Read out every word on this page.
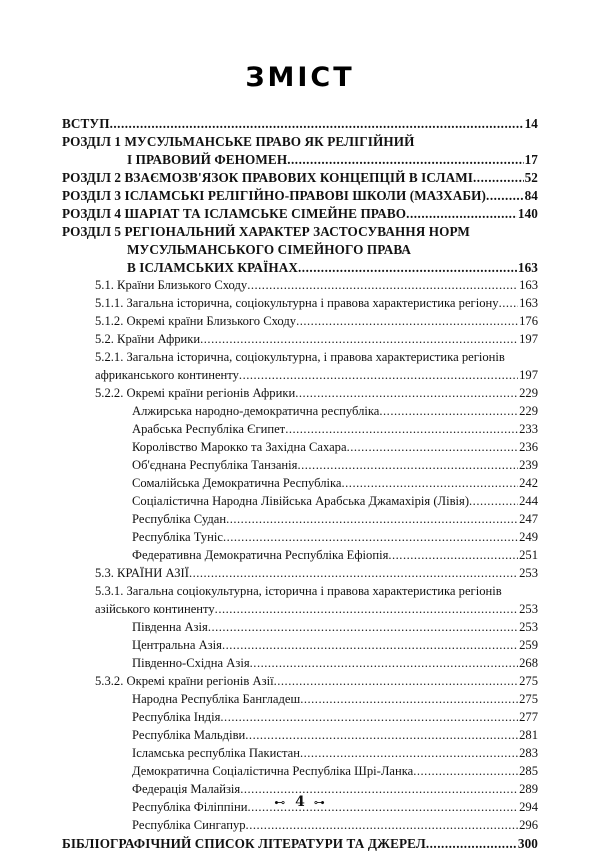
ЗМІСТ
ВСТУП .....	14
РОЗДІЛ 1 МУСУЛЬМАНСЬКЕ ПРАВО ЯК РЕЛІГІЙНИЙ
І ПРАВОВИЙ ФЕНОМЕН .....	17
РОЗДІЛ 2 ВЗАЄМОЗВ'ЯЗОК ПРАВОВИХ КОНЦЕПЦІЙ В ІСЛАМІ .....	52
РОЗДІЛ 3 ІСЛАМСЬКІ РЕЛІГІЙНО-ПРАВОВІ ШКОЛИ (МАЗХАБИ) .....	84
РОЗДІЛ 4 ШАРІАТ ТА ІСЛАМСЬКЕ СІМЕЙНЕ ПРАВО .....	140
РОЗДІЛ 5 РЕГІОНАЛЬНИЙ ХАРАКТЕР ЗАСТОСУВАННЯ НОРМ
МУСУЛЬМАНСЬКОГО СІМЕЙНОГО ПРАВА
В ІСЛАМСЬКИХ КРАЇНАХ .....	163
5.1. Країни Близького Сходу .....	163
5.1.1. Загальна історична, соціокультурна і правова характеристика регіону ..... 163
5.1.2. Окремі країни Близького Сходу .....	176
5.2. Країни Африки .....	197
5.2.1. Загальна історична, соціокультурна, і правова характеристика регіонів
африканського континенту .....	197
5.2.2. Окремі країни регіонів Африки .....	229
Алжирська народно-демократична республіка .....	229
Арабська Республіка Єгипет .....	233
Королівство Марокко та Західна Сахара .....	236
Об'єднана Республіка Танзанія .....	239
Сомалійська Демократична Республіка .....	242
Соціалістична Народна Лівійська Арабська Джамахірія (Лівія) .....	244
Республіка Судан .....	247
Республіка Туніс .....	249
Федеративна Демократична Республіка Ефіопія .....	251
5.3. КРАЇНИ АЗІЇ .....	253
5.3.1. Загальна соціокультурна, історична і правова характеристика регіонів
азійського континенту .....	253
Південна Азія .....	253
Центральна Азія .....	259
Південно-Східна Азія .....	268
5.3.2. Окремі країни регіонів Азії .....	275
Народна Республіка Бангладеш .....	275
Республіка Індія .....	277
Республіка Мальдіви .....	281
Ісламська республіка Пакистан .....	283
Демократична Соціалістична Республіка Шрі-Ланка .....	285
Федерація Малайзія .....	289
Республіка Філіппіни .....	294
Республіка Сингапур .....	296
БІБЛІОГРАФІЧНИЙ СПИСОК ЛІТЕРАТУРИ ТА ДЖЕРЕЛ .....	300
⊷ 4 ⊶
